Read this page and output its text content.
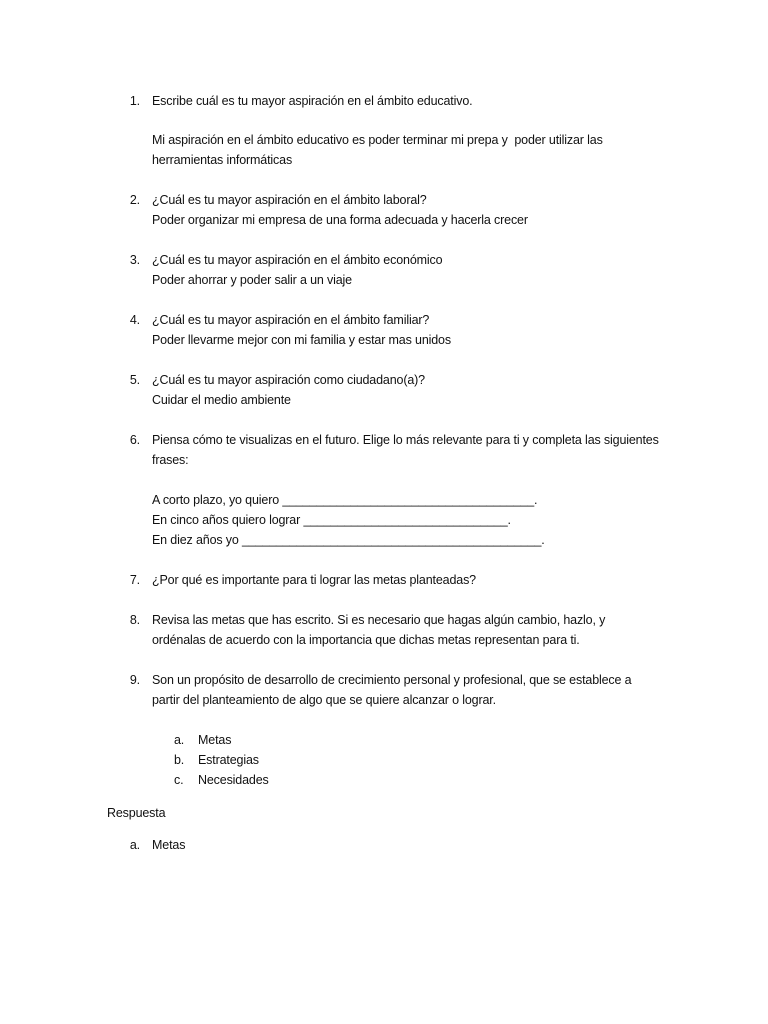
1. Escribe cuál es tu mayor aspiración en el ámbito educativo.
Mi aspiración en el ámbito educativo es poder terminar mi prepa y  poder utilizar las herramientas informáticas
2. ¿Cuál es tu mayor aspiración en el ámbito laboral?
Poder organizar mi empresa de una forma adecuada y hacerla crecer
3. ¿Cuál es tu mayor aspiración en el ámbito económico
Poder ahorrar y poder salir a un viaje
4. ¿Cuál es tu mayor aspiración en el ámbito familiar?
Poder llevarme mejor con mi familia y estar mas unidos
5. ¿Cuál es tu mayor aspiración como ciudadano(a)?
Cuidar el medio ambiente
6. Piensa cómo te visualizas en el futuro. Elige lo más relevante para ti y completa las siguientes frases:
A corto plazo, yo quiero _____________________________________.
En cinco años quiero lograr ______________________________.
En diez años yo ____________________________________________.
7. ¿Por qué es importante para ti lograr las metas planteadas?
8. Revisa las metas que has escrito. Si es necesario que hagas algún cambio, hazlo, y ordénalas de acuerdo con la importancia que dichas metas representan para ti.
9. Son un propósito de desarrollo de crecimiento personal y profesional, que se establece a partir del planteamiento de algo que se quiere alcanzar o lograr.
a.	Metas
b.	Estrategias
c.	Necesidades
Respuesta
a. Metas
